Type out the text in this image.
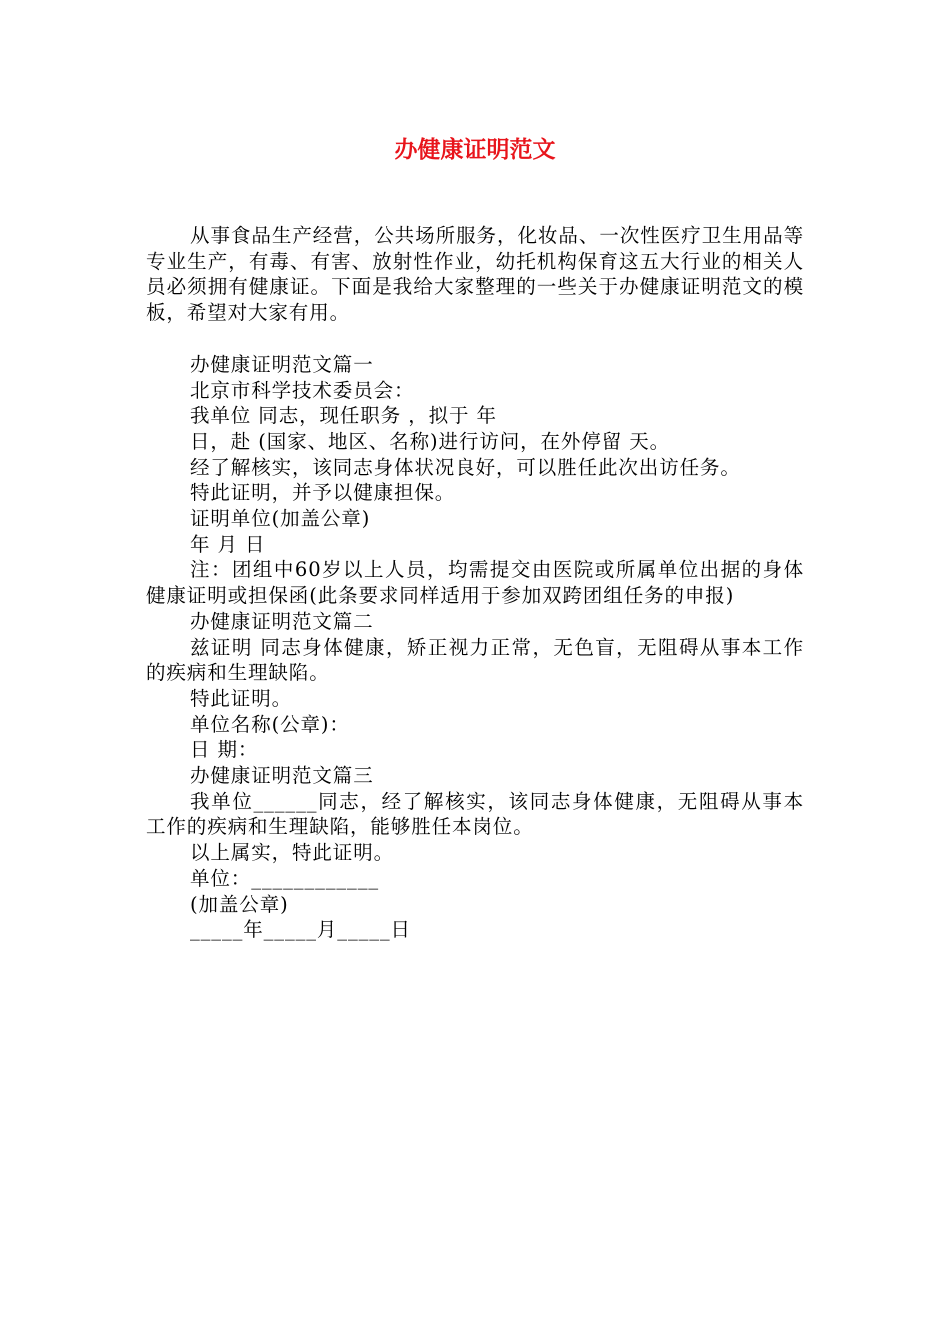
办健康证明范文

从事食品生产经营，公共场所服务，化妆品、一次性医疗卫生用品等专业生产，有毒、有害、放射性作业，幼托机构保育这五大行业的相关人员必须拥有健康证。下面是我给大家整理的一些关于办健康证明范文的模板，希望对大家有用。

办健康证明范文篇一

北京市科学技术委员会：

我单位 同志，现任职务 ，拟于 年

日，赴 (国家、地区、名称)进行访问，在外停留 天。

经了解核实，该同志身体状况良好，可以胜任此次出访任务。

特此证明，并予以健康担保。

证明单位(加盖公章)

年 月 日

注：团组中60岁以上人员，均需提交由医院或所属单位出据的身体健康证明或担保函(此条要求同样适用于参加双跨团组任务的申报)

办健康证明范文篇二

兹证明 同志身体健康，矫正视力正常，无色盲，无阻碍从事本工作的疾病和生理缺陷。

特此证明。

单位名称(公章)：

日 期：

办健康证明范文篇三

我单位______同志，经了解核实，该同志身体健康，无阻碍从事本工作的疾病和生理缺陷，能够胜任本岗位。

以上属实，特此证明。

单位：____________

(加盖公章)

_____年_____月_____日
